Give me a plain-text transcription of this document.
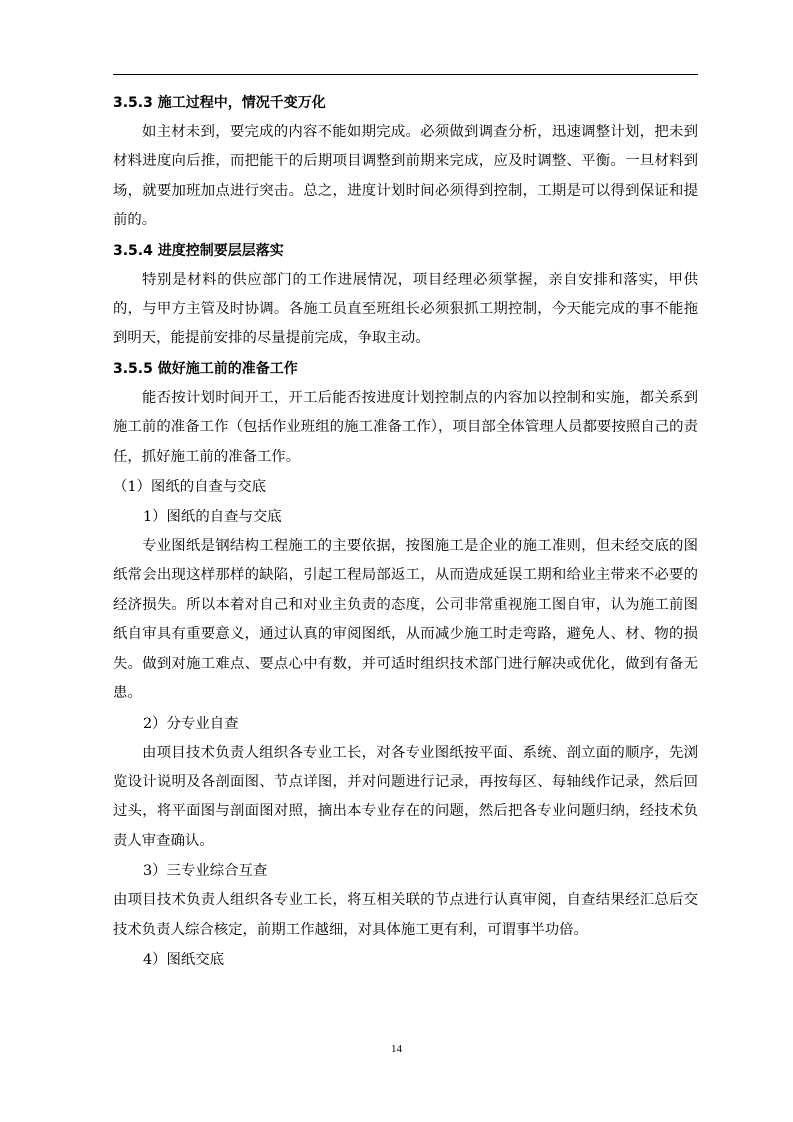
3.5.3 施工过程中，情况千变万化

如主材未到，要完成的内容不能如期完成。必须做到调查分析，迅速调整计划，把未到材料进度向后推，而把能干的后期项目调整到前期来完成，应及时调整、平衡。一旦材料到场，就要加班加点进行突击。总之，进度计划时间必须得到控制，工期是可以得到保证和提前的。

3.5.4 进度控制要层层落实

特别是材料的供应部门的工作进展情况，项目经理必须掌握，亲自安排和落实，甲供的，与甲方主管及时协调。各施工员直至班组长必须狠抓工期控制，今天能完成的事不能拖到明天，能提前安排的尽量提前完成，争取主动。

3.5.5 做好施工前的准备工作

能否按计划时间开工，开工后能否按进度计划控制点的内容加以控制和实施，都关系到施工前的准备工作（包括作业班组的施工准备工作），项目部全体管理人员都要按照自己的责任，抓好施工前的准备工作。

（1）图纸的自查与交底

1）图纸的自查与交底

专业图纸是钢结构工程施工的主要依据，按图施工是企业的施工准则，但未经交底的图纸常会出现这样那样的缺陷，引起工程局部返工，从而造成延误工期和给业主带来不必要的经济损失。所以本着对自己和对业主负责的态度，公司非常重视施工图自审，认为施工前图纸自审具有重要意义，通过认真的审阅图纸，从而减少施工时走弯路，避免人、材、物的损失。做到对施工难点、要点心中有数，并可适时组织技术部门进行解决或优化，做到有备无患。

2）分专业自查

由项目技术负责人组织各专业工长，对各专业图纸按平面、系统、剖立面的顺序，先浏览设计说明及各剖面图、节点详图，并对问题进行记录，再按每区、每轴线作记录，然后回过头，将平面图与剖面图对照，摘出本专业存在的问题，然后把各专业问题归纳，经技术负责人审查确认。

3）三专业综合互查

由项目技术负责人组织各专业工长，将互相关联的节点进行认真审阅，自查结果经汇总后交技术负责人综合核定，前期工作越细，对具体施工更有利，可谓事半功倍。

4）图纸交底

14
